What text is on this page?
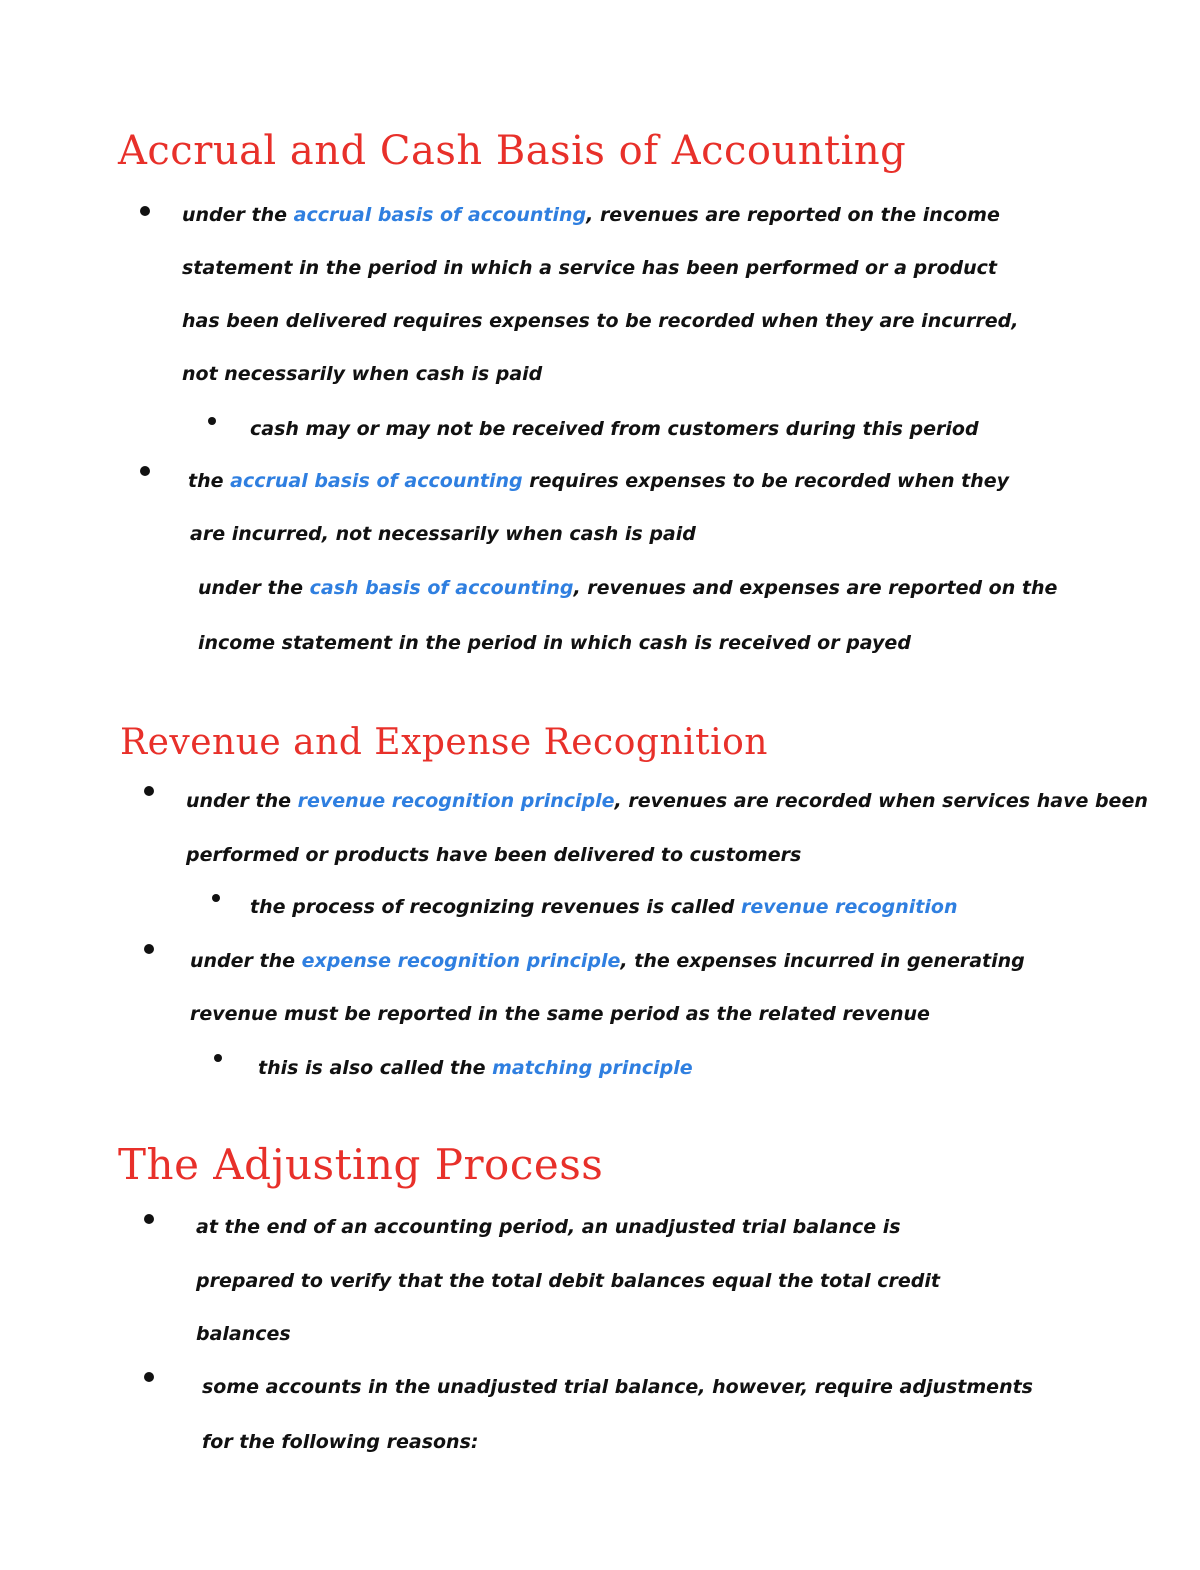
Accrual and Cash Basis of Accounting
under the accrual basis of accounting, revenues are reported on the income
statement in the period in which a service has been performed or a product
has been delivered requires expenses to be recorded when they are incurred,
not necessarily when cash is paid
cash may or may not be received from customers during this period
the accrual basis of accounting requires expenses to be recorded when they
are incurred, not necessarily when cash is paid
under the cash basis of accounting, revenues and expenses are reported on the
income statement in the period in which cash is received or payed
Revenue and Expense Recognition
under the revenue recognition principle, revenues are recorded when services have been
performed or products have been delivered to customers
the process of recognizing revenues is called revenue recognition
under the expense recognition principle, the expenses incurred in generating
revenue must be reported in the same period as the related revenue
this is also called the matching principle
The Adjusting Process
at the end of an accounting period, an unadjusted trial balance is
prepared to verify that the total debit balances equal the total credit
balances
some accounts in the unadjusted trial balance, however, require adjustments
for the following reasons:
